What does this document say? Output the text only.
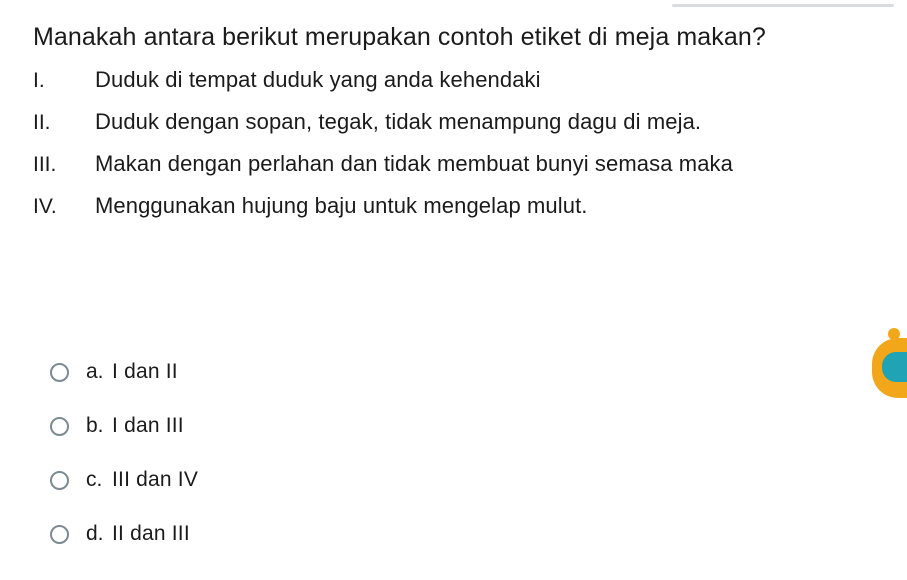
Manakah antara berikut merupakan contoh etiket di meja makan?
I.	Duduk di tempat duduk yang anda kehendaki
II.	Duduk dengan sopan, tegak, tidak menampung dagu di meja.
III.	Makan dengan perlahan dan tidak membuat bunyi semasa maka
IV.	Menggunakan hujung baju untuk mengelap mulut.
a. I dan II
b. I dan III
c. III dan IV
d. II dan III
